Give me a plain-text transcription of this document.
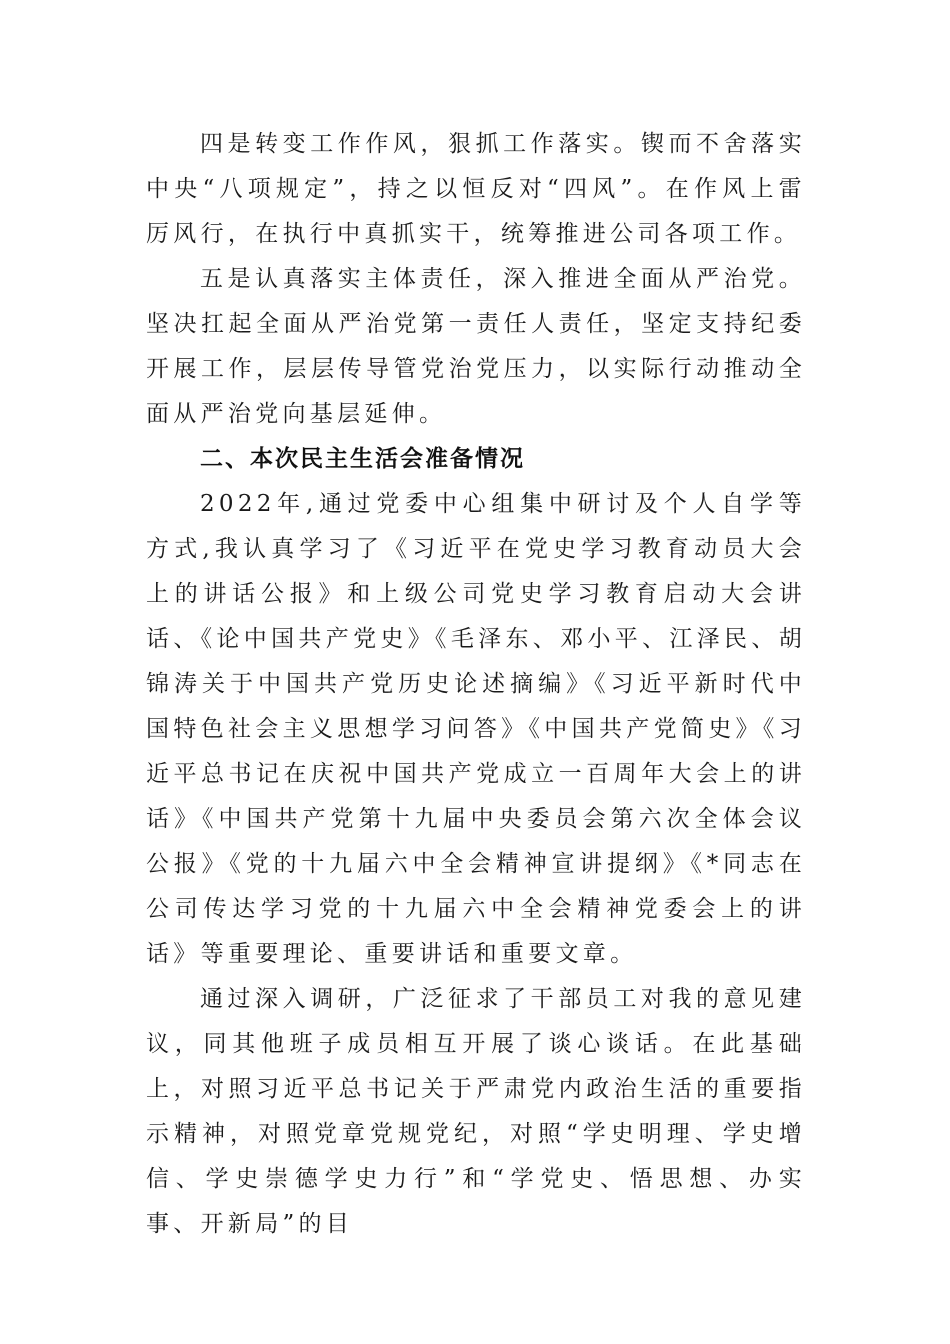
四是转变工作作风，狠抓工作落实。锲而不舍落实中央“八项规定”，持之以恒反对“四风”。在作风上雷厉风行，在执行中真抓实干，统筹推进公司各项工作。

五是认真落实主体责任，深入推进全面从严治党。坚决扛起全面从严治党第一责任人责任，坚定支持纪委开展工作，层层传导管党治党压力，以实际行动推动全面从严治党向基层延伸。

二、本次民主生活会准备情况

2022年,通过党委中心组集中研讨及个人自学等方式,我认真学习了《习近平在党史学习教育动员大会上的讲话公报》和上级公司党史学习教育启动大会讲话、《论中国共产党史》《毛泽东、邓小平、江泽民、胡锦涛关于中国共产党历史论述摘编》《习近平新时代中国特色社会主义思想学习问答》《中国共产党简史》《习近平总书记在庆祝中国共产党成立一百周年大会上的讲话》《中国共产党第十九届中央委员会第六次全体会议公报》《党的十九届六中全会精神宣讲提纲》《*同志在公司传达学习党的十九届六中全会精神党委会上的讲话》等重要理论、重要讲话和重要文章。

通过深入调研，广泛征求了干部员工对我的意见建议，同其他班子成员相互开展了谈心谈话。在此基础上，对照习近平总书记关于严肃党内政治生活的重要指示精神，对照党章党规党纪，对照“学史明理、学史增信、学史崇德学史力行”和“学党史、悟思想、办实事、开新局”的目
